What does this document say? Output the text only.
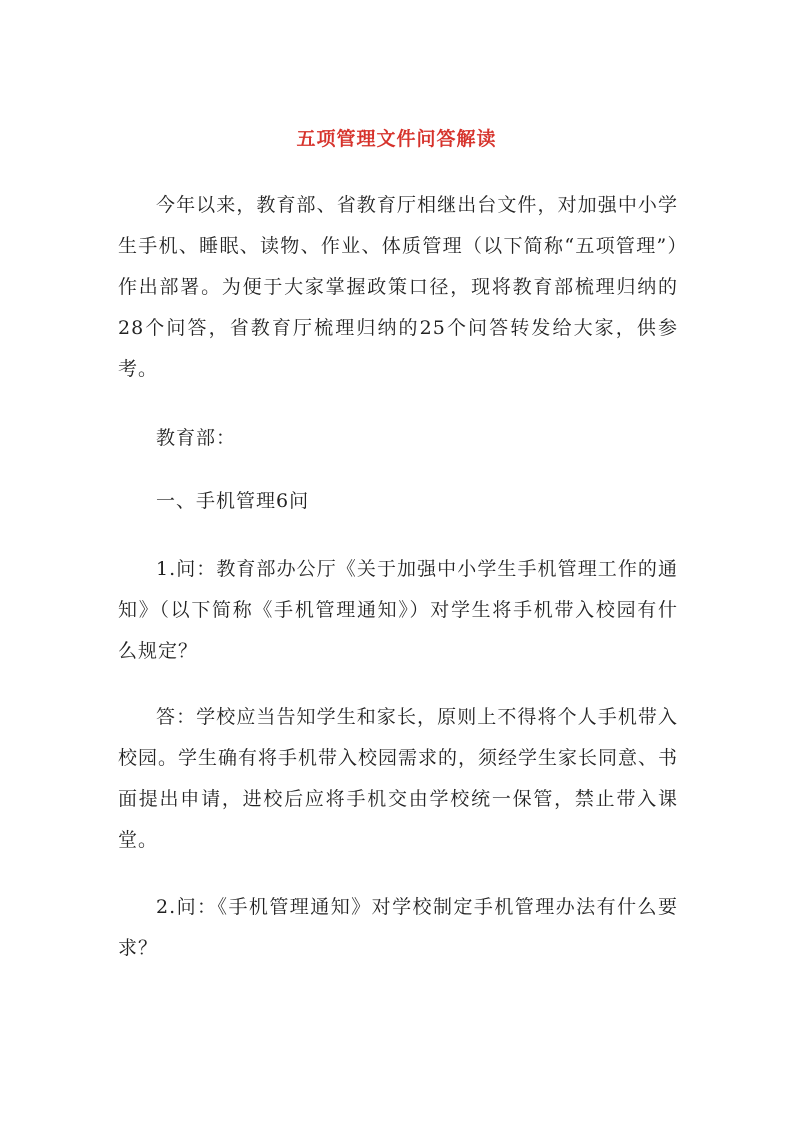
五项管理文件问答解读

今年以来，教育部、省教育厅相继出台文件，对加强中小学生手机、睡眠、读物、作业、体质管理（以下简称“五项管理”）作出部署。为便于大家掌握政策口径，现将教育部梳理归纳的28个问答，省教育厅梳理归纳的25个问答转发给大家，供参考。

教育部：

一、手机管理6问

1.问：教育部办公厅《关于加强中小学生手机管理工作的通知》（以下简称《手机管理通知》）对学生将手机带入校园有什么规定？

答：学校应当告知学生和家长，原则上不得将个人手机带入校园。学生确有将手机带入校园需求的，须经学生家长同意、书面提出申请，进校后应将手机交由学校统一保管，禁止带入课堂。

2.问：《手机管理通知》对学校制定手机管理办法有什么要求？
